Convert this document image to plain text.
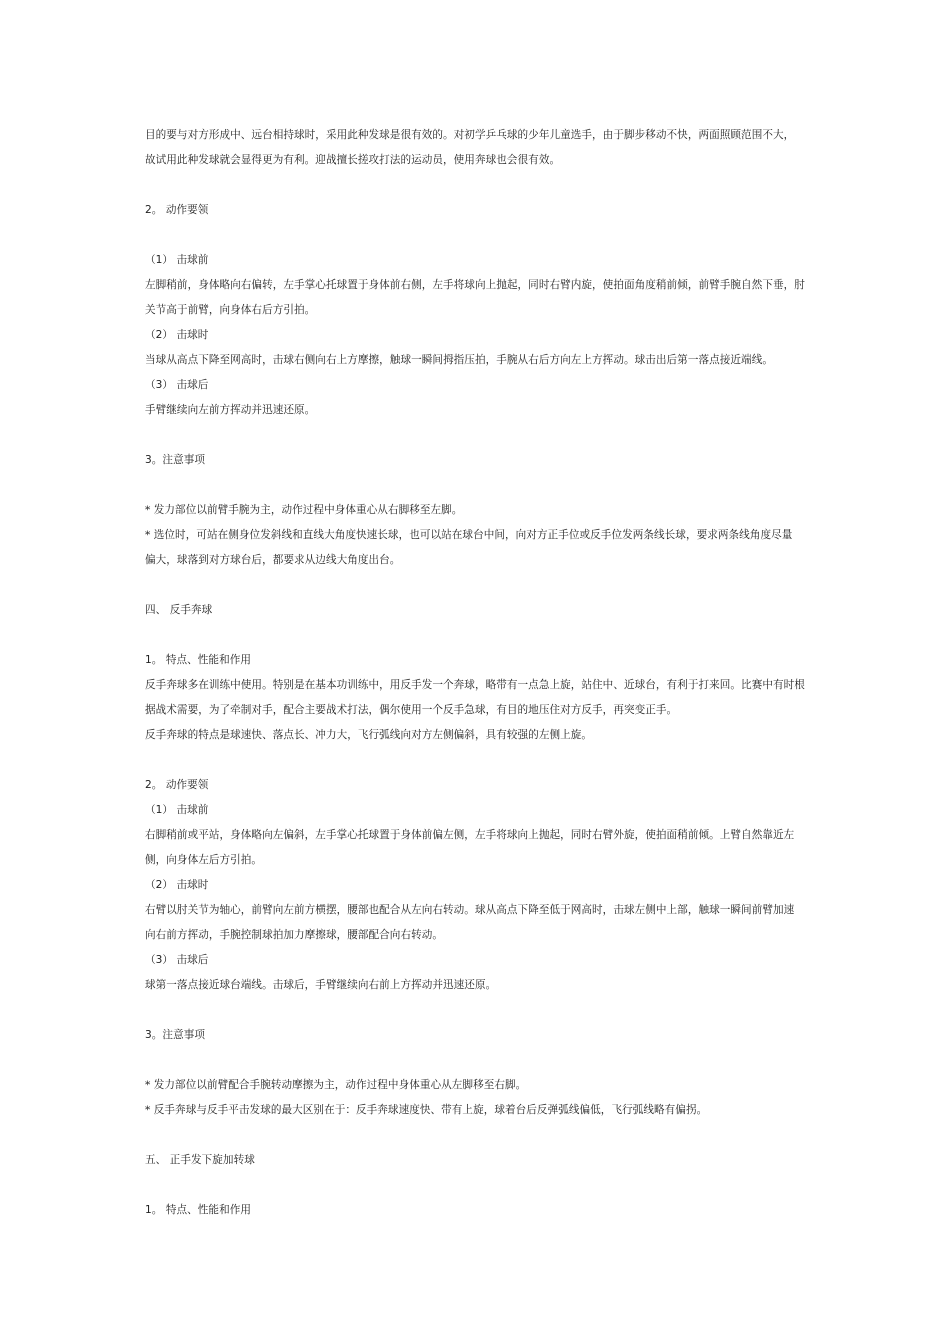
目的要与对方形成中、远台相持球时，采用此种发球是很有效的。对初学乒乓球的少年儿童选手，由于脚步移动不快，两面照顾范围不大，
故试用此种发球就会显得更为有利。迎战擅长搓攻打法的运动员，使用奔球也会很有效。
2。 动作要领
（1） 击球前
左脚稍前，身体略向右偏转，左手掌心托球置于身体前右侧，左手将球向上抛起，同时右臂内旋，使拍面角度稍前倾，前臂手腕自然下垂，肘
关节高于前臂，向身体右后方引拍。
（2） 击球时
当球从高点下降至网高时，击球右侧向右上方摩擦，触球一瞬间拇指压拍，手腕从右后方向左上方挥动。球击出后第一落点接近端线。
（3） 击球后
手臂继续向左前方挥动并迅速还原。
3。注意事项
* 发力部位以前臂手腕为主，动作过程中身体重心从右脚移至左脚。
* 选位时，可站在侧身位发斜线和直线大角度快速长球，也可以站在球台中间，向对方正手位或反手位发两条线长球，要求两条线角度尽量
偏大，球落到对方球台后，都要求从边线大角度出台。
四、 反手奔球
1。 特点、性能和作用
反手奔球多在训练中使用。特别是在基本功训练中，用反手发一个奔球，略带有一点急上旋，站住中、近球台，有利于打来回。比赛中有时根
据战术需要，为了牵制对手，配合主要战术打法，偶尔使用一个反手急球，有目的地压住对方反手，再突变正手。
反手奔球的特点是球速快、落点长、冲力大，飞行弧线向对方左侧偏斜，具有较强的左侧上旋。
2。 动作要领
（1） 击球前
右脚稍前或平站，身体略向左偏斜，左手掌心托球置于身体前偏左侧，左手将球向上抛起，同时右臂外旋，使拍面稍前倾。上臂自然靠近左
侧，向身体左后方引拍。
（2） 击球时
右臂以肘关节为轴心，前臂向左前方横摆，腰部也配合从左向右转动。球从高点下降至低于网高时，击球左侧中上部，触球一瞬间前臂加速
向右前方挥动，手腕控制球拍加力摩擦球，腰部配合向右转动。
（3） 击球后
球第一落点接近球台端线。击球后，手臂继续向右前上方挥动并迅速还原。
3。注意事项
* 发力部位以前臂配合手腕转动摩擦为主，动作过程中身体重心从左脚移至右脚。
* 反手奔球与反手平击发球的最大区别在于：反手奔球速度快、带有上旋，球着台后反弹弧线偏低，飞行弧线略有偏拐。
五、 正手发下旋加转球
1。 特点、性能和作用
